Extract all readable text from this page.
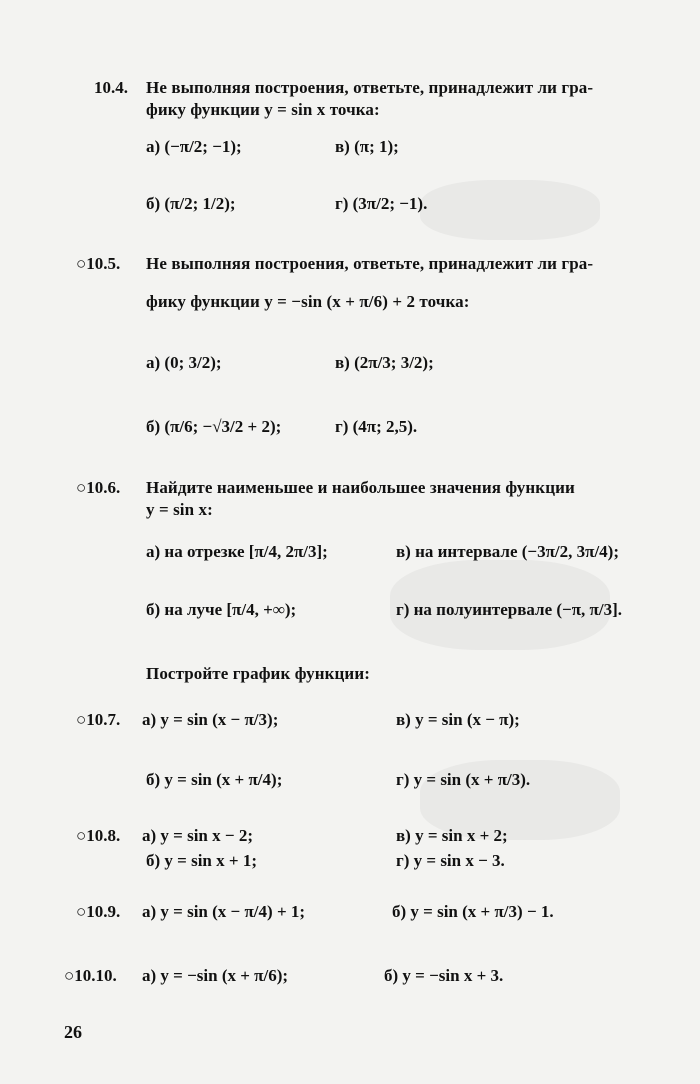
10.4. Не выполняя построения, ответьте, принадлежит ли гра-
фику функции y = sin x точка:
а) (−π/2; −1);	в) (π; 1);
б) (π/2; 1/2);	г) (3π/2; −1).
○10.5. Не выполняя построения, ответьте, принадлежит ли гра-
фику функции y = −sin (x + π/6) + 2 точка:
а) (0; 3/2);	в) (2π/3; 3/2);
б) (π/6; −√3/2 + 2);	г) (4π; 2,5).
○10.6. Найдите наименьшее и наибольшее значения функции
y = sin x:
а) на отрезке [π/4, 2π/3];	в) на интервале (−3π/2, 3π/4);
б) на луче [π/4, +∞);	г) на полуинтервале (−π, π/3].
Постройте график функции:
○10.7. а) y = sin (x − π/3);	в) y = sin (x − π);
б) y = sin (x + π/4);	г) y = sin (x + π/3).
○10.8. а) y = sin x − 2;	в) y = sin x + 2;
б) y = sin x + 1;	г) y = sin x − 3.
○10.9. а) y = sin (x − π/4) + 1;	б) y = sin (x + π/3) − 1.
○10.10. а) y = −sin (x + π/6);	б) y = −sin x + 3.
26
